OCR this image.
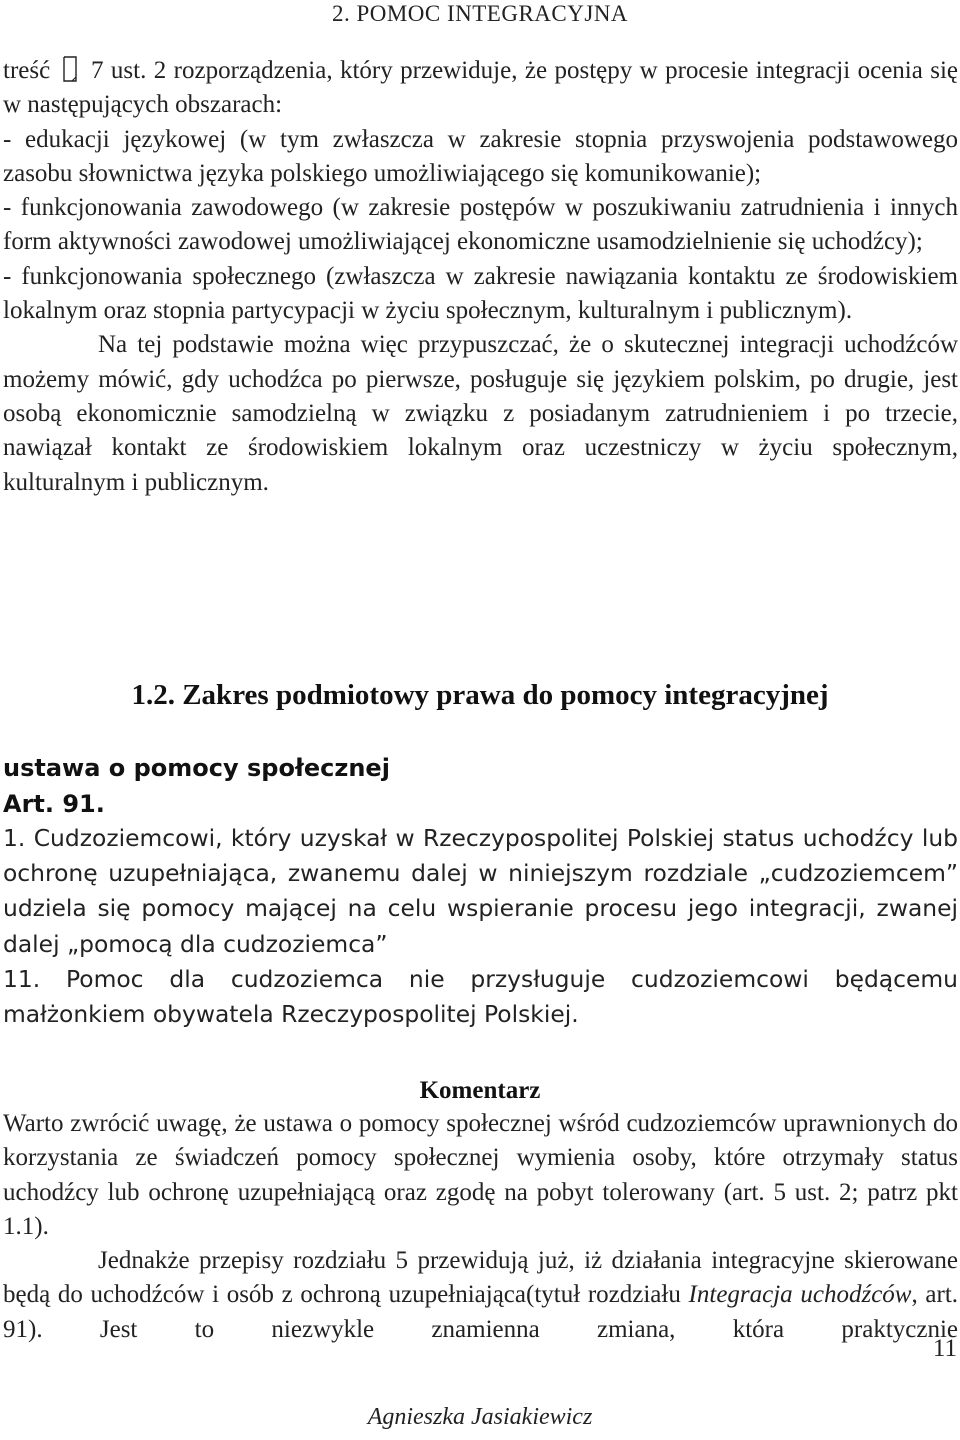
2. POMOC INTEGRACYJNA

treść 7 ust. 2 rozporządzenia, który przewiduje, że postępy w procesie integracji ocenia się w następujących obszarach:

- edukacji językowej (w tym zwłaszcza w zakresie stopnia przyswojenia podstawowego zasobu słownictwa języka polskiego umożliwiającego się komunikowanie);

- funkcjonowania zawodowego (w zakresie postępów w poszukiwaniu zatrudnienia i innych form aktywności zawodowej umożliwiającej ekonomiczne usamodzielnienie się uchodźcy);

- funkcjonowania społecznego (zwłaszcza w zakresie nawiązania kontaktu ze środowiskiem lokalnym oraz stopnia partycypacji w życiu społecznym, kulturalnym i publicznym).

Na tej podstawie można więc przypuszczać, że o skutecznej integracji uchodźców możemy mówić, gdy uchodźca po pierwsze, posługuje się językiem polskim, po drugie, jest osobą ekonomicznie samodzielną w związku z posiadanym zatrudnieniem i po trzecie, nawiązał kontakt ze środowiskiem lokalnym oraz uczestniczy w życiu społecznym, kulturalnym i publicznym.

1.2. Zakres podmiotowy prawa do pomocy integracyjnej
ustawa o pomocy społecznej
Art. 91.

1. Cudzoziemcowi, który uzyskał w Rzeczypospolitej Polskiej status uchodźcy lub ochronę uzupełniająca, zwanemu dalej w niniejszym rozdziale „cudzoziemcem” udziela się pomocy mającej na celu wspieranie procesu jego integracji, zwanej dalej „pomocą dla cudzoziemca”

11. Pomoc dla cudzoziemca nie przysługuje cudzoziemcowi będącemu małżonkiem obywatela Rzeczypospolitej Polskiej.

Komentarz

Warto zwrócić uwagę, że ustawa o pomocy społecznej wśród cudzoziemców uprawnionych do korzystania ze świadczeń pomocy społecznej wymienia osoby, które otrzymały status uchodźcy lub ochronę uzupełniającą oraz zgodę na pobyt tolerowany (art. 5 ust. 2; patrz pkt 1.1).

Jednakże przepisy rozdziału 5 przewidują już, iż działania integracyjne skierowane będą do uchodźców i osób z ochroną uzupełniająca(tytuł rozdziału Integracja uchodźców, art. 91). Jest to niezwykle znamienna zmiana, która praktycznie

11
Agnieszka Jasiakiewicz
